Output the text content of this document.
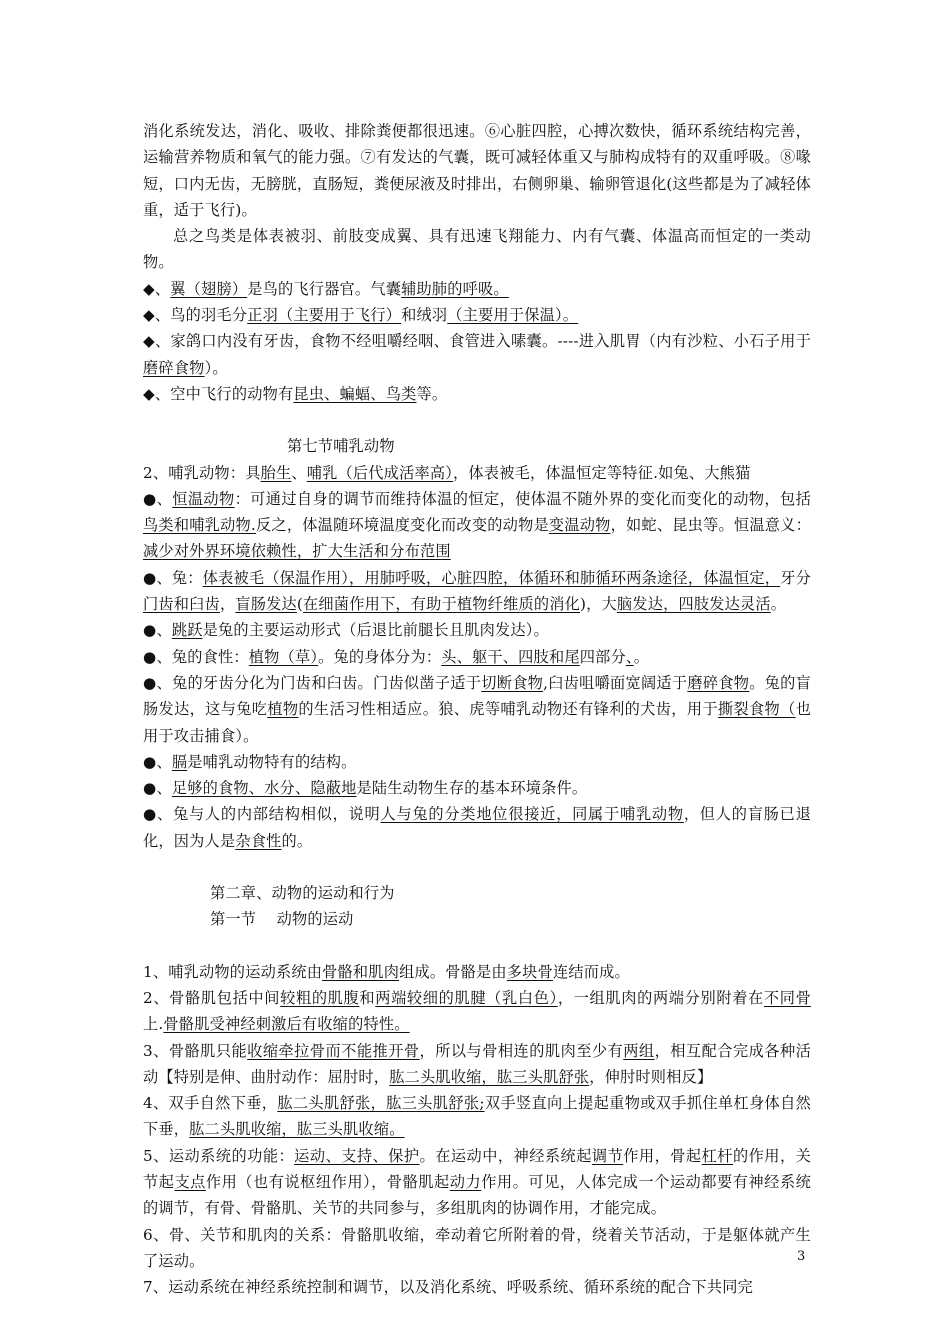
消化系统发达，消化、吸收、排除粪便都很迅速。⑥心脏四腔，心搏次数快，循环系统结构完善，运输营养物质和氧气的能力强。⑦有发达的气囊，既可减轻体重又与肺构成特有的双重呼吸。⑧喙短，口内无齿，无膀胱，直肠短，粪便尿液及时排出，右侧卵巢、输卵管退化(这些都是为了减轻体重，适于飞行)。
总之鸟类是体表被羽、前肢变成翼、具有迅速飞翔能力、内有气囊、体温高而恒定的一类动物。
◆、翼（翅膀）是鸟的飞行器官。气囊辅助肺的呼吸。
◆、鸟的羽毛分正羽（主要用于飞行）和绒羽（主要用于保温）。
◆、家鸽口内没有牙齿，食物不经咀嚼经咽、食管进入嗉囊。----进入肌胃（内有沙粒、小石子用于磨碎食物）。
◆、空中飞行的动物有昆虫、蝙蝠、鸟类等。
第七节哺乳动物
2、哺乳动物：具胎生、哺乳（后代成活率高），体表被毛，体温恒定等特征.如兔、大熊猫
●、恒温动物：可通过自身的调节而维持体温的恒定，使体温不随外界的变化而变化的动物，包括鸟类和哺乳动物.反之，体温随环境温度变化而改变的动物是变温动物，如蛇、昆虫等。恒温意义：减少对外界环境依赖性，扩大生活和分布范围
●、兔：体表被毛（保温作用），用肺呼吸，心脏四腔，体循环和肺循环两条途径，体温恒定，牙分门齿和臼齿，盲肠发达(在细菌作用下，有助于植物纤维质的消化)，大脑发达，四肢发达灵活。
●、跳跃是兔的主要运动形式（后退比前腿长且肌肉发达）。
●、兔的食性：植物（草）。兔的身体分为：头、躯干、四肢和尾四部分、。
●、兔的牙齿分化为门齿和臼齿。门齿似凿子适于切断食物,臼齿咀嚼面宽阔适于磨碎食物。兔的盲肠发达，这与兔吃植物的生活习性相适应。狼、虎等哺乳动物还有锋利的犬齿，用于撕裂食物（也用于攻击捕食）。
●、膈是哺乳动物特有的结构。
●、足够的食物、水分、隐蔽地是陆生动物生存的基本环境条件。
●、兔与人的内部结构相似，说明人与兔的分类地位很接近，同属于哺乳动物，但人的盲肠已退化，因为人是杂食性的。
第二章、动物的运动和行为
第一节　 动物的运动
1、哺乳动物的运动系统由骨骼和肌肉组成。骨骼是由多块骨连结而成。
2、骨骼肌包括中间较粗的肌腹和两端较细的肌腱（乳白色），一组肌肉的两端分别附着在不同骨上.骨骼肌受神经刺激后有收缩的特性。
3、骨骼肌只能收缩牵拉骨而不能推开骨，所以与骨相连的肌肉至少有两组，相互配合完成各种活动【特别是伸、曲肘动作：屈肘时，肱二头肌收缩，肱三头肌舒张，伸肘时则相反】
4、双手自然下垂，肱二头肌舒张，肱三头肌舒张;双手竖直向上提起重物或双手抓住单杠身体自然下垂，肱二头肌收缩，肱三头肌收缩。
5、运动系统的功能：运动、支持、保护。在运动中，神经系统起调节作用，骨起杠杆的作用，关节起支点作用（也有说枢纽作用），骨骼肌起动力作用。可见，人体完成一个运动都要有神经系统的调节，有骨、骨骼肌、关节的共同参与，多组肌肉的协调作用，才能完成。
6、骨、关节和肌肉的关系：骨骼肌收缩，牵动着它所附着的骨，绕着关节活动，于是躯体就产生了运动。
7、运动系统在神经系统控制和调节，以及消化系统、呼吸系统、循环系统的配合下共同完
3
